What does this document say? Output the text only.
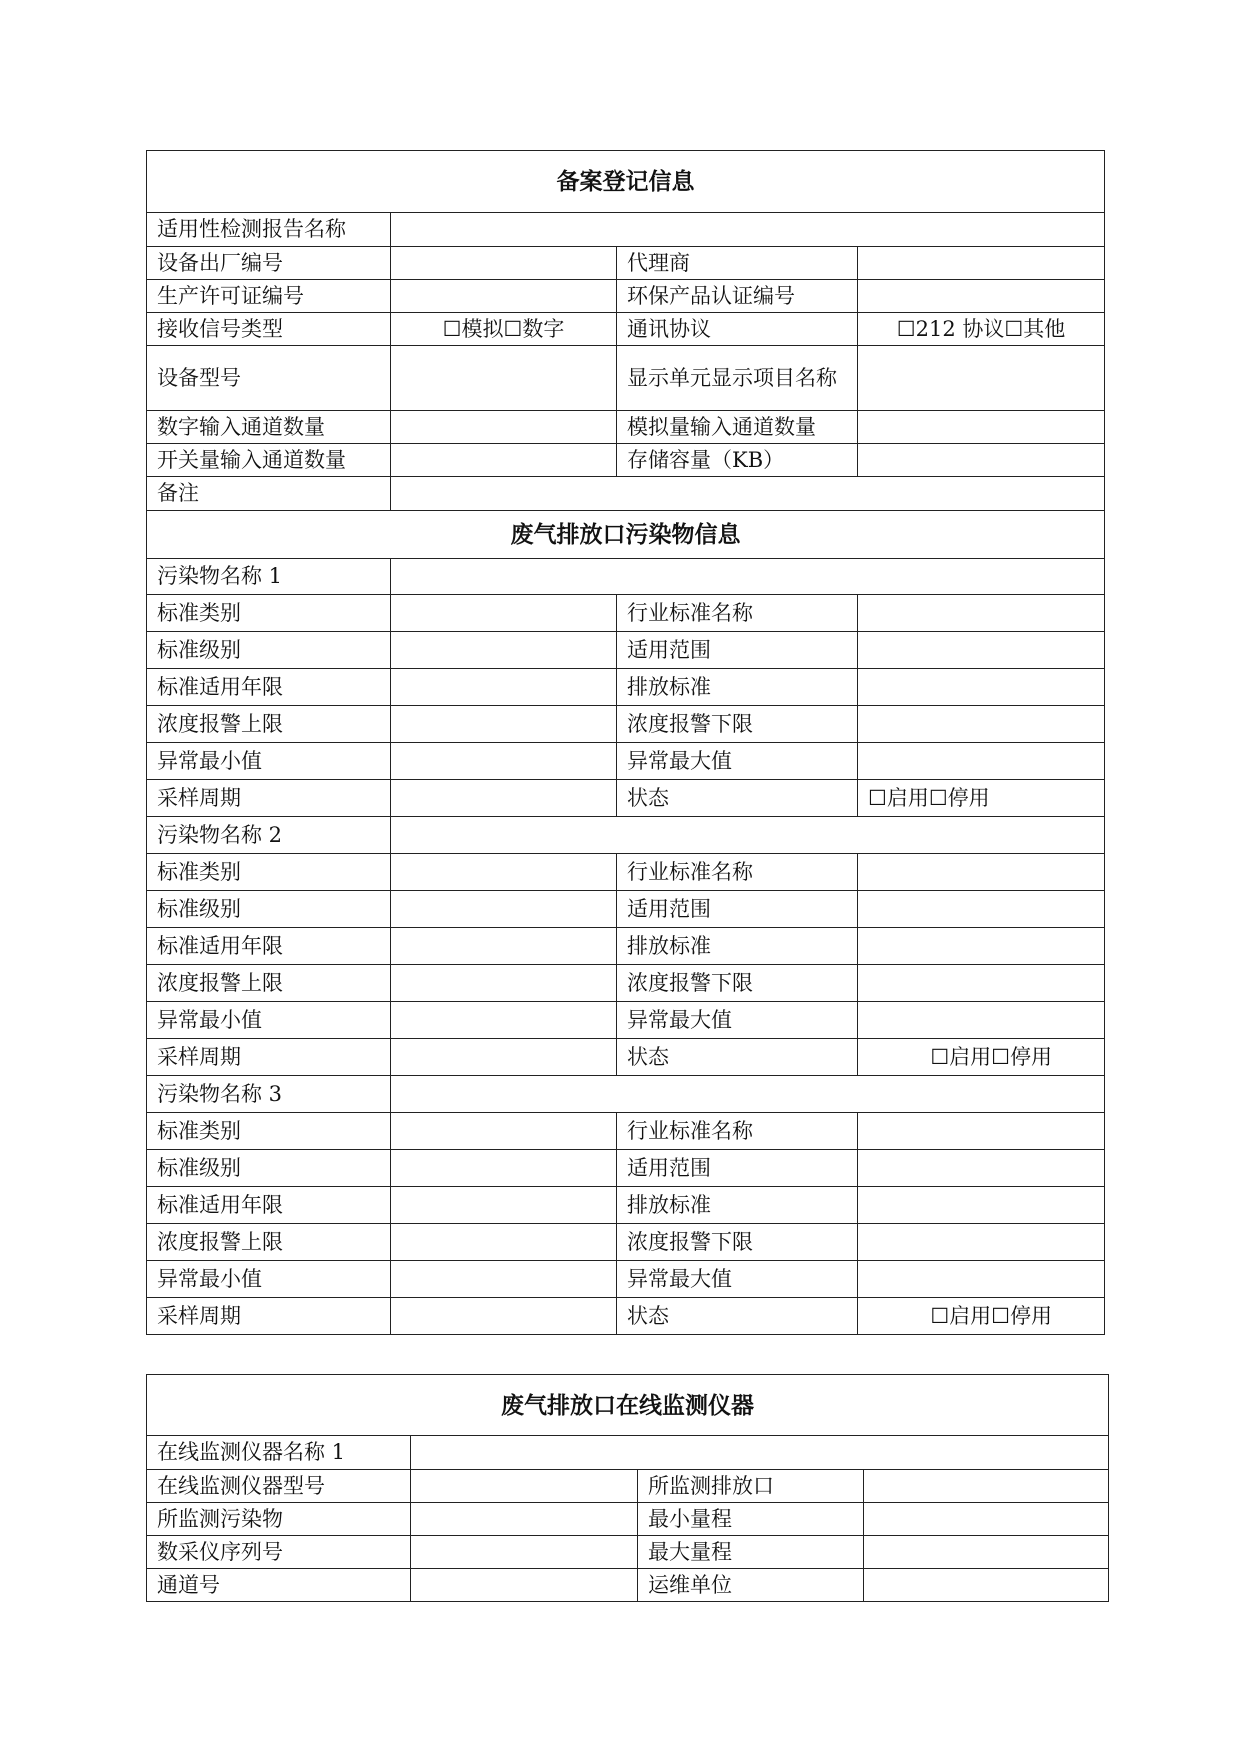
备案登记信息			
适用性检测报告名称			
设备出厂编号		代理商	
生产许可证编号		环保产品认证编号	
接收信号类型	☐模拟☐数字	通讯协议	☐212 协议☐其他
设备型号		显示单元显示项目名称	
数字输入通道数量		模拟量输入通道数量	
开关量输入通道数量		存储容量（KB）	
备注			
废气排放口污染物信息			
污染物名称 1			
标准类别		行业标准名称	
标准级别		适用范围	
标准适用年限		排放标准	
浓度报警上限		浓度报警下限	
异常最小值		异常最大值	
采样周期		状态	☐启用☐停用
污染物名称 2			
标准类别		行业标准名称	
标准级别		适用范围	
标准适用年限		排放标准	
浓度报警上限		浓度报警下限	
异常最小值		异常最大值	
采样周期		状态	☐启用☐停用
污染物名称 3			
标准类别		行业标准名称	
标准级别		适用范围	
标准适用年限		排放标准	
浓度报警上限		浓度报警下限	
异常最小值		异常最大值	
采样周期		状态	☐启用☐停用
废气排放口在线监测仪器			
在线监测仪器名称 1			
在线监测仪器型号		所监测排放口	
所监测污染物		最小量程	
数采仪序列号		最大量程	
通道号		运维单位	
